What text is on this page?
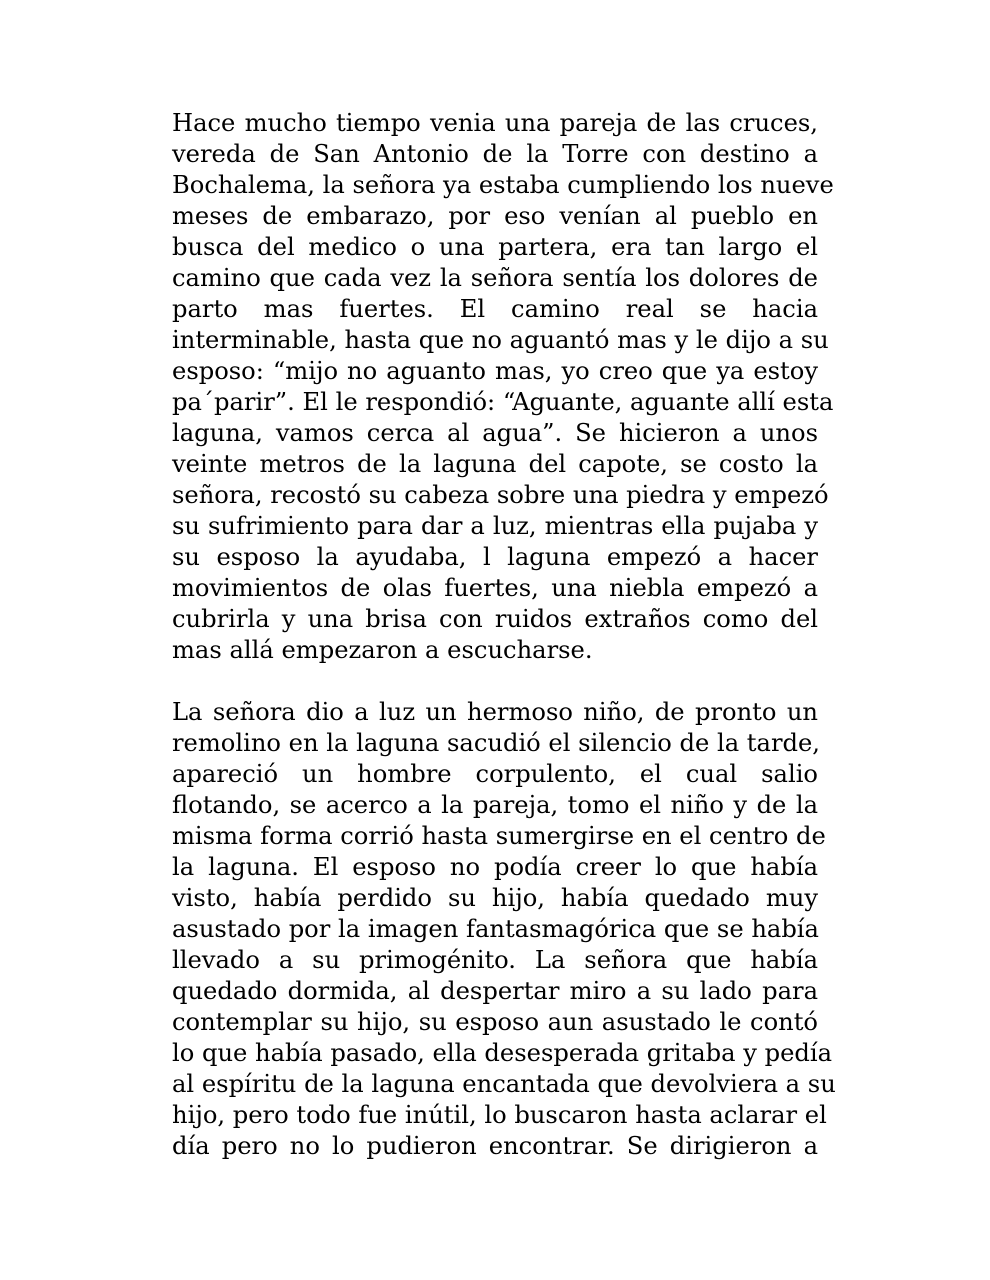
Hace mucho tiempo venia una pareja de las cruces,
vereda de San Antonio de la Torre con destino a
Bochalema, la señora ya estaba cumpliendo los nueve
meses de embarazo, por eso venían al pueblo en
busca del medico o una partera, era tan largo el
camino que cada vez la señora sentía los dolores de
parto mas fuertes. El camino real se hacia
interminable, hasta que no aguantó mas y le dijo a su
esposo: “mijo no aguanto mas, yo creo que ya estoy
pa´parir”. El le respondió: “Aguante, aguante allí esta
laguna, vamos cerca al agua”. Se hicieron a unos
veinte metros de la laguna del capote, se costo la
señora, recostó su cabeza sobre una piedra y empezó
su sufrimiento para dar a luz, mientras ella pujaba y
su esposo la ayudaba, l laguna empezó a hacer
movimientos de olas fuertes, una niebla empezó a
cubrirla y una brisa con ruidos extraños como del
mas allá empezaron a escucharse.
La señora dio a luz un hermoso niño, de pronto un
remolino en la laguna sacudió el silencio de la tarde,
apareció un hombre corpulento, el cual salio
flotando, se acerco a la pareja, tomo el niño y de la
misma forma corrió hasta sumergirse en el centro de
la laguna. El esposo no podía creer lo que había
visto, había perdido su hijo, había quedado muy
asustado por la imagen fantasmagórica que se había
llevado a su primogénito. La señora que había
quedado dormida, al despertar miro a su lado para
contemplar su hijo, su esposo aun asustado le contó
lo que había pasado, ella desesperada gritaba y pedía
al espíritu de la laguna encantada que devolviera a su
hijo, pero todo fue inútil, lo buscaron hasta aclarar el
día pero no lo pudieron encontrar. Se dirigieron a
